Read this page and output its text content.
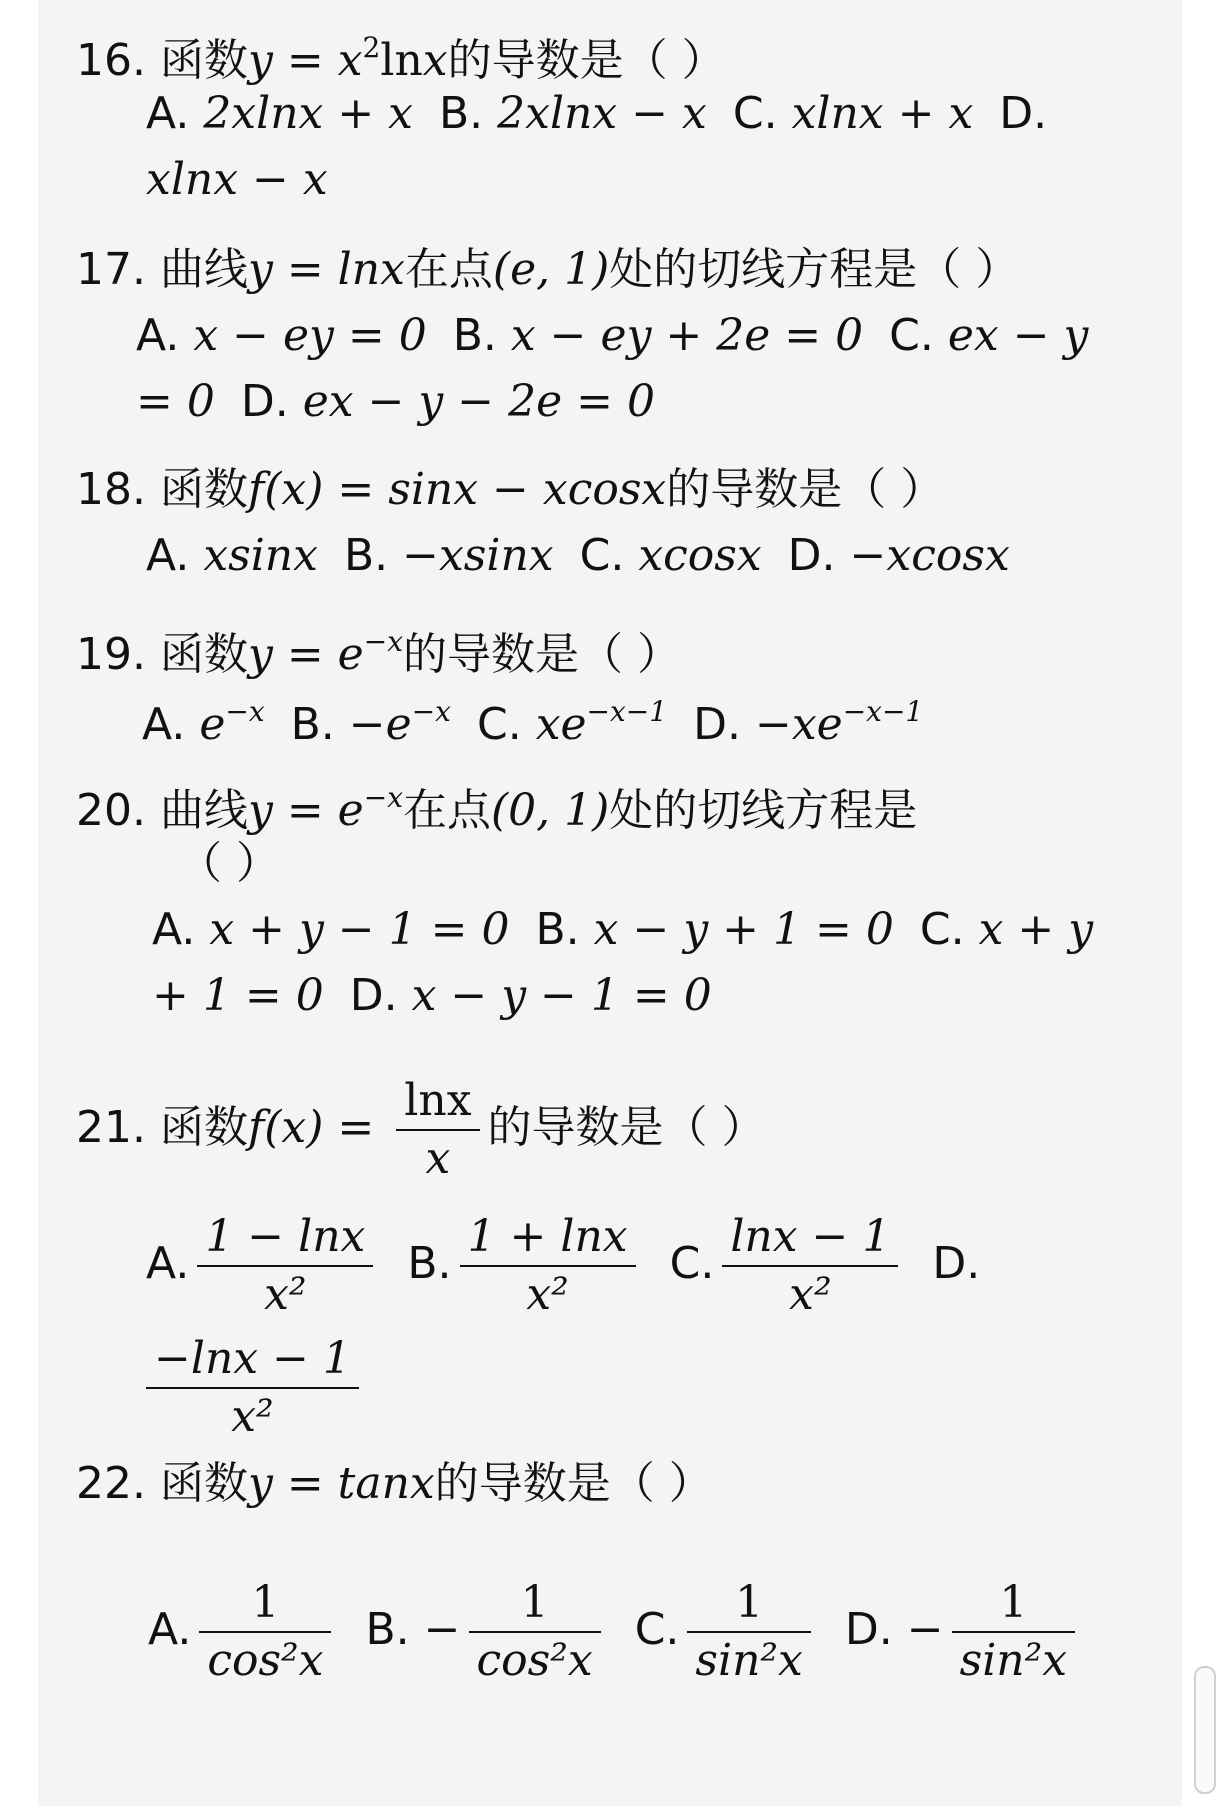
16. 函数$y = x^2\ln x$的导数是（ ）
A. 2xlnx + x B. 2xlnx − x C. xlnx + x D.
xlnx − x
17. 曲线y = lnx在点(e, 1)处的切线方程是（ ）
A. x − ey = 0 B. x − ey + 2e = 0 C. ex − y
= 0 D. ex − y − 2e = 0
18. 函数f(x) = sinx − xcosx的导数是（ ）
A. xsinx B. −xsinx C. xcosx D. −xcosx
19. 函数$y = e^{-x}$的导数是（ ）
A. $e^{-x}$ B. $-e^{-x}$ C. $xe^{-x-1}$ D. $-xe^{-x-1}$
20. 曲线$y = e^{-x}$在点(0, 1)处的切线方程是
（ ）
A. x + y − 1 = 0 B. x − y + 1 = 0 C. x + y
+ 1 = 0 D. x − y − 1 = 0
21. 函数$f(x) = \frac{\ln x}{x}$ 的导数是（ ）
A. $\frac{1 - \ln x}{\text{x²}} B$. $\frac{1 + \ln x}{\text{x²}} C$. $\frac{\ln x - 1}{\text{x²}} D$.
$\frac{-\ln x - 1}{\text{x²}}$
22. 函数y = tanx的导数是（ ）
A. $\frac{1}{\text{cos²x}} B$. − $\frac{1}{\text{cos²x}} C$. $\frac{1}{\text{sin²x}} D$. − $\frac{1}{\text{sin²x}}$
